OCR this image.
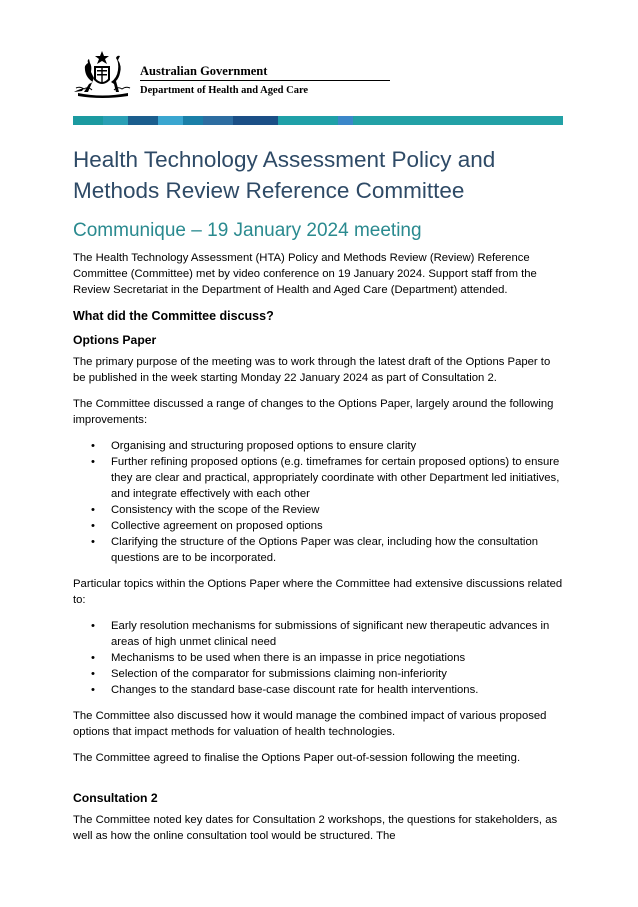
Australian Government
Department of Health and Aged Care
Health Technology Assessment Policy and Methods Review Reference Committee
Communique – 19 January 2024 meeting

The Health Technology Assessment (HTA) Policy and Methods Review (Review) Reference Committee (Committee) met by video conference on 19 January 2024. Support staff from the Review Secretariat in the Department of Health and Aged Care (Department) attended.

What did the Committee discuss?
Options Paper

The primary purpose of the meeting was to work through the latest draft of the Options Paper to be published in the week starting Monday 22 January 2024 as part of Consultation 2.

The Committee discussed a range of changes to the Options Paper, largely around the following improvements:

• Organising and structuring proposed options to ensure clarity
• Further refining proposed options (e.g. timeframes for certain proposed options) to ensure they are clear and practical, appropriately coordinate with other Department led initiatives, and integrate effectively with each other
• Consistency with the scope of the Review
• Collective agreement on proposed options
• Clarifying the structure of the Options Paper was clear, including how the consultation questions are to be incorporated.

Particular topics within the Options Paper where the Committee had extensive discussions related to:

• Early resolution mechanisms for submissions of significant new therapeutic advances in areas of high unmet clinical need
• Mechanisms to be used when there is an impasse in price negotiations
• Selection of the comparator for submissions claiming non-inferiority
• Changes to the standard base-case discount rate for health interventions.

The Committee also discussed how it would manage the combined impact of various proposed options that impact methods for valuation of health technologies.

The Committee agreed to finalise the Options Paper out-of-session following the meeting.

Consultation 2

The Committee noted key dates for Consultation 2 workshops, the questions for stakeholders, as well as how the online consultation tool would be structured. The
